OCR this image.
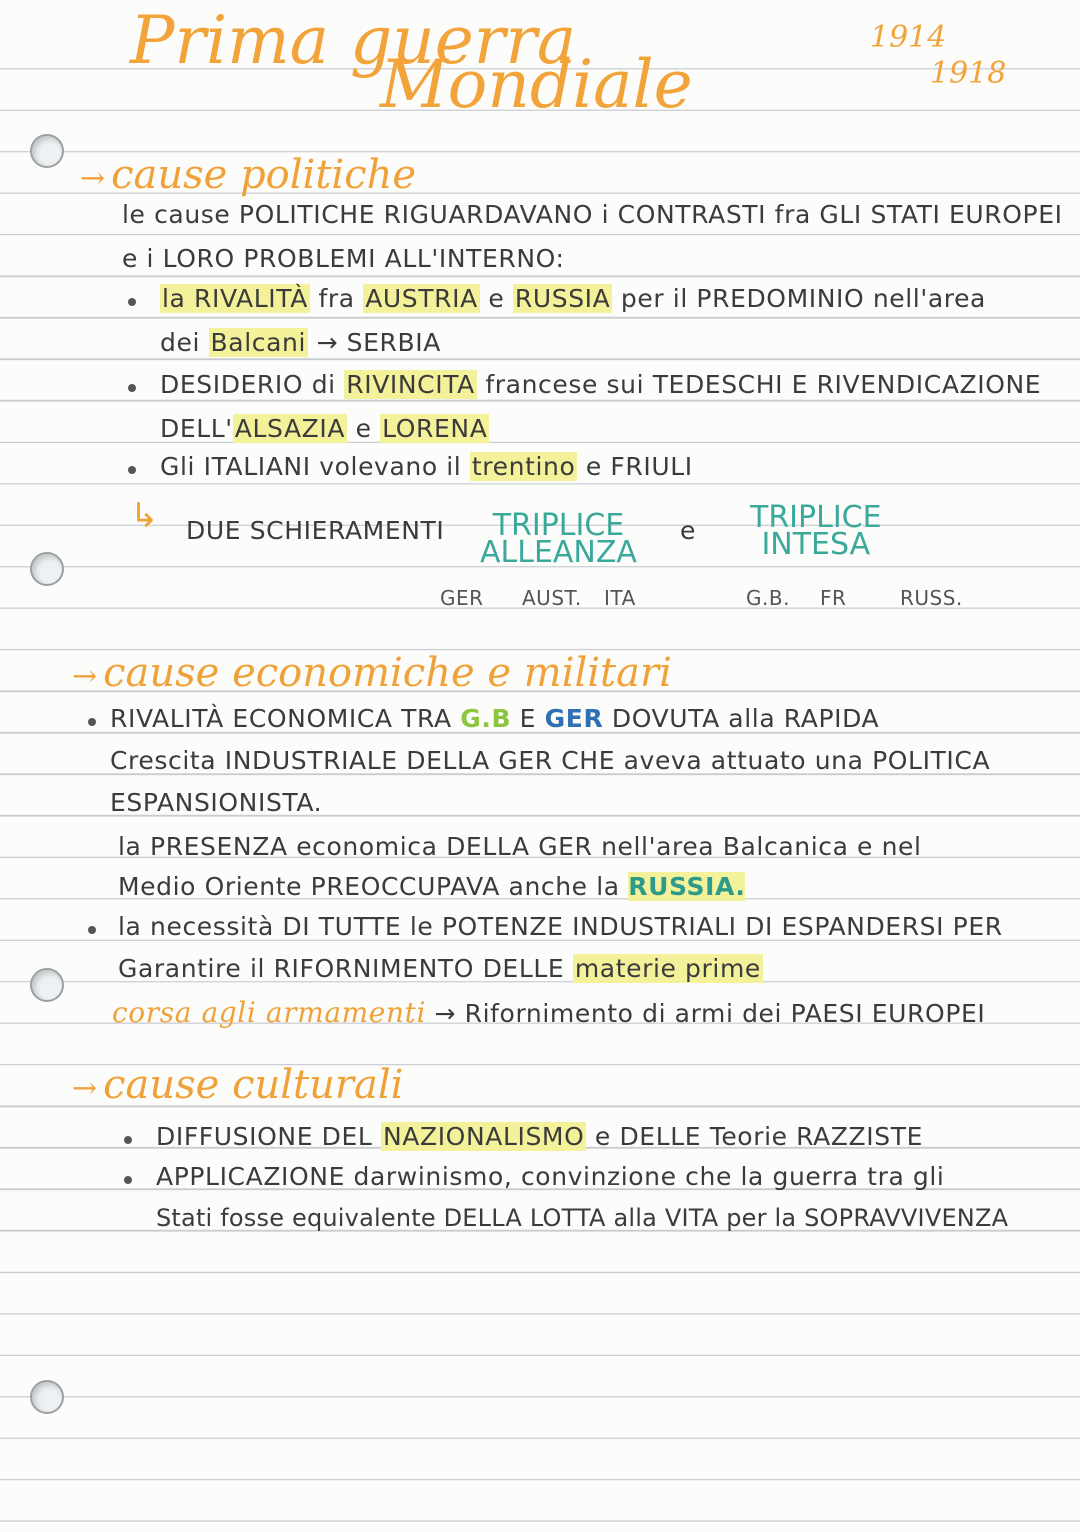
Prima guerra
Mondiale
1914
1918
→ cause politiche
le cause POLITICHE RIGUARDAVANO i CONTRASTI fra GLI STATI EUROPEI
e i LORO PROBLEMI ALL'INTERNO:
la RIVALITÀ fra AUSTRIA e RUSSIA per il PREDOMINIO nell'area
dei Balcani → SERBIA
DESIDERIO di RIVINCITA francese sui TEDESCHI E RIVENDICAZIONE
DELL'ALSAZIA e LORENA
Gli ITALIANI volevano il trentino e FRIULI
↳ DUE SCHIERAMENTI	TRIPLICE
ALLEANZA
e TRIPLICE
INTESA
GER AUST. ITA	G.B. FR	RUSS.
→ cause economiche e militari
RIVALITÀ ECONOMICA TRA G.B E GER DOVUTA alla RAPIDA
Crescita INDUSTRIALE DELLA GER CHE aveva attuato una POLITICA
ESPANSIONISTA.
la PRESENZA economica DELLA GER nell'area Balcanica e nel
Medio Oriente PREOCCUPAVA anche la RUSSIA.
la necessità DI TUTTE le POTENZE INDUSTRIALI DI ESPANDERSI PER
Garantire il RIFORNIMENTO DELLE materie prime
corsa agli armamenti → Rifornimento di armi dei PAESI EUROPEI
→ cause culturali
DIFFUSIONE DEL NAZIONALISMO e DELLE Teorie RAZZISTE
APPLICAZIONE darwinismo, convinzione che la guerra tra gli
Stati fosse equivalente DELLA LOTTA alla VITA per la SOPRAVVIVENZA
